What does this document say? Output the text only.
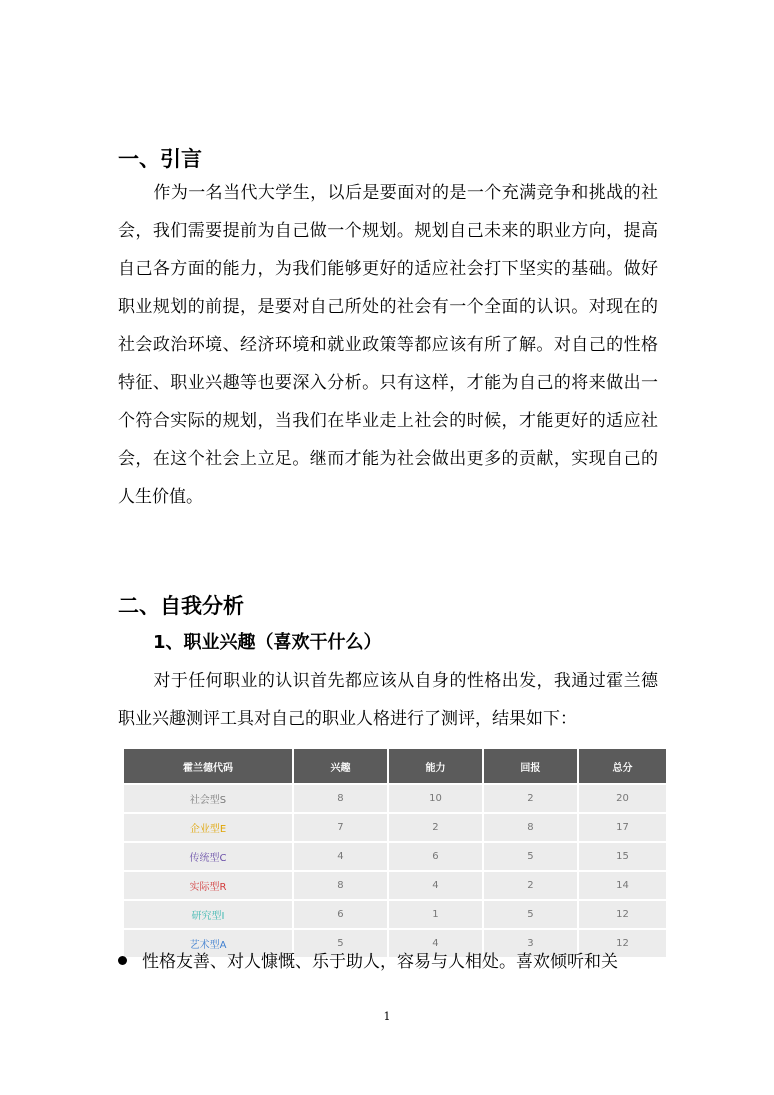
一、引言

作为一名当代大学生，以后是要面对的是一个充满竞争和挑战的社会，我们需要提前为自己做一个规划。规划自己未来的职业方向，提高自己各方面的能力，为我们能够更好的适应社会打下坚实的基础。做好职业规划的前提，是要对自己所处的社会有一个全面的认识。对现在的社会政治环境、经济环境和就业政策等都应该有所了解。对自己的性格特征、职业兴趣等也要深入分析。只有这样，才能为自己的将来做出一个符合实际的规划，当我们在毕业走上社会的时候，才能更好的适应社会，在这个社会上立足。继而才能为社会做出更多的贡献，实现自己的人生价值。

二、自我分析
1、职业兴趣（喜欢干什么）

对于任何职业的认识首先都应该从自身的性格出发，我通过霍兰德职业兴趣测评工具对自己的职业人格进行了测评，结果如下：

霍兰德代码	兴趣	能力	回报	总分
社会型S	8	10	2	20
企业型E	7	2	8	17
传统型C	4	6	5	15
实际型R	8	4	2	14
研究型I	6	1	5	12
艺术型A	5	4	3	12
性格友善、对人慷慨、乐于助人，容易与人相处。喜欢倾听和关
1
